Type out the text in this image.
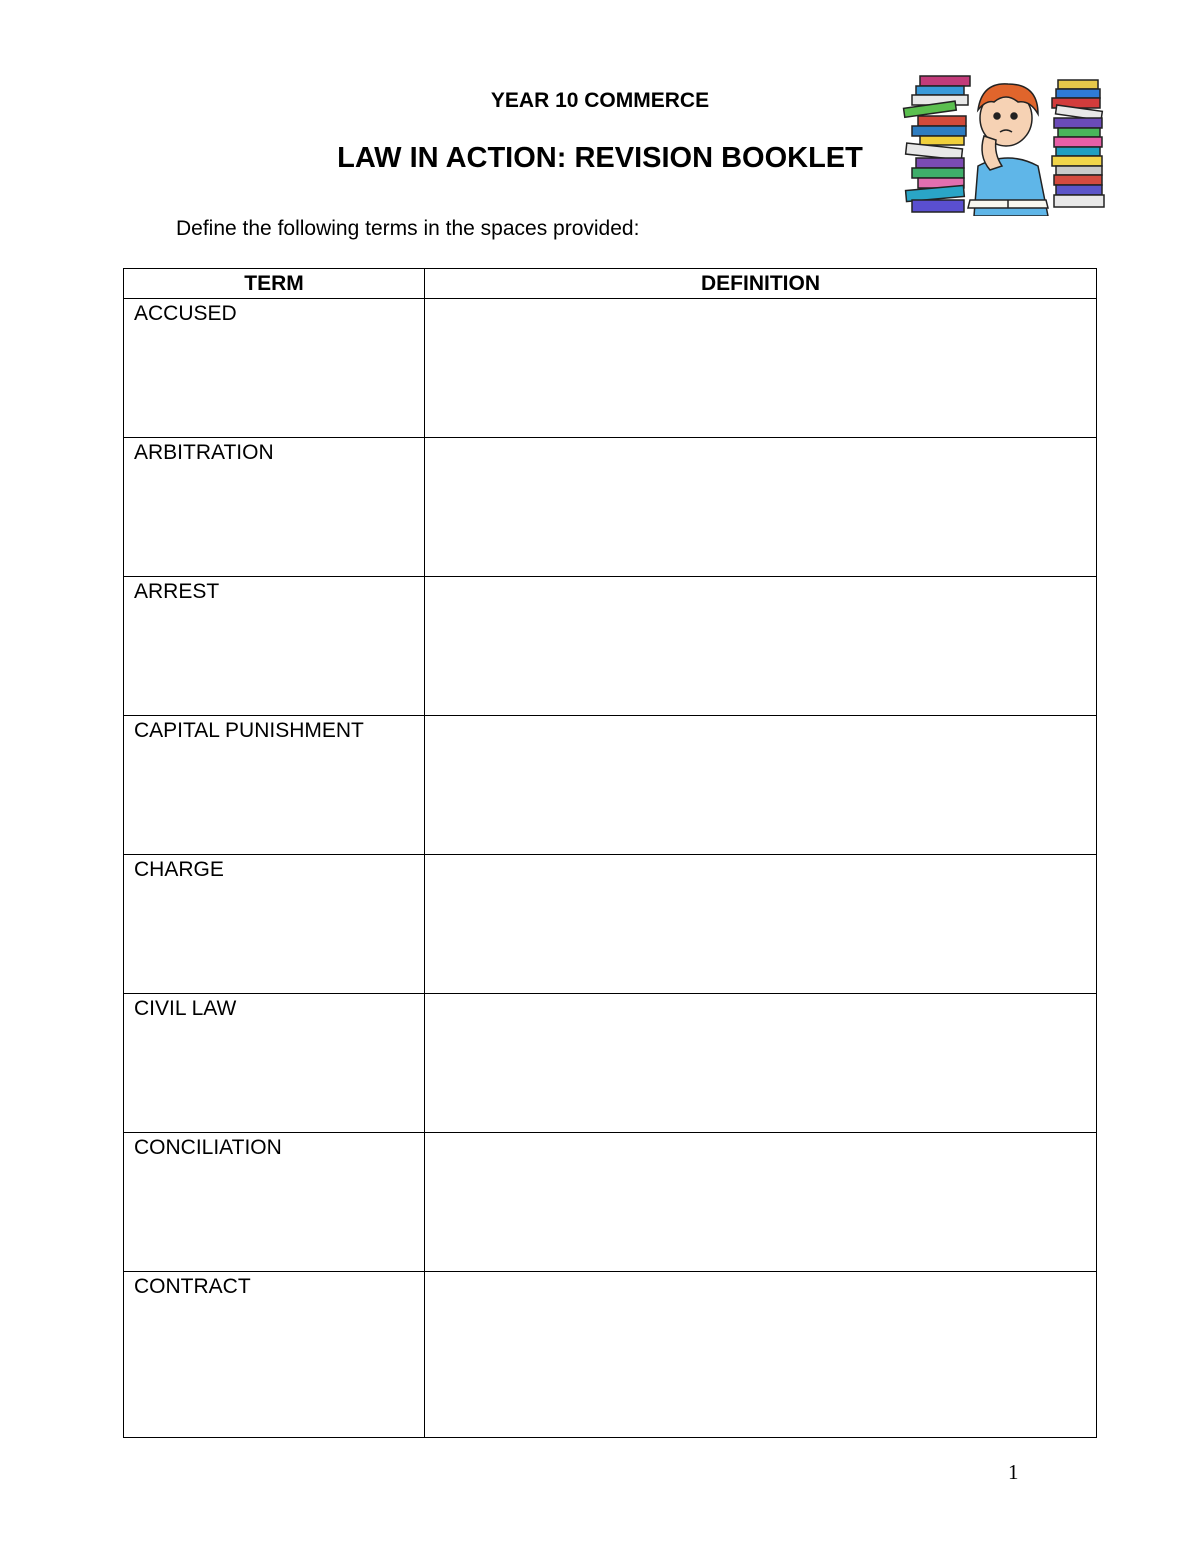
YEAR 10 COMMERCE
LAW IN ACTION: REVISION BOOKLET
Define the following terms in the spaces provided:
TERM	DEFINITION
ACCUSED	
ARBITRATION	
ARREST	
CAPITAL PUNISHMENT	
CHARGE	
CIVIL LAW	
CONCILIATION	
CONTRACT	
1
